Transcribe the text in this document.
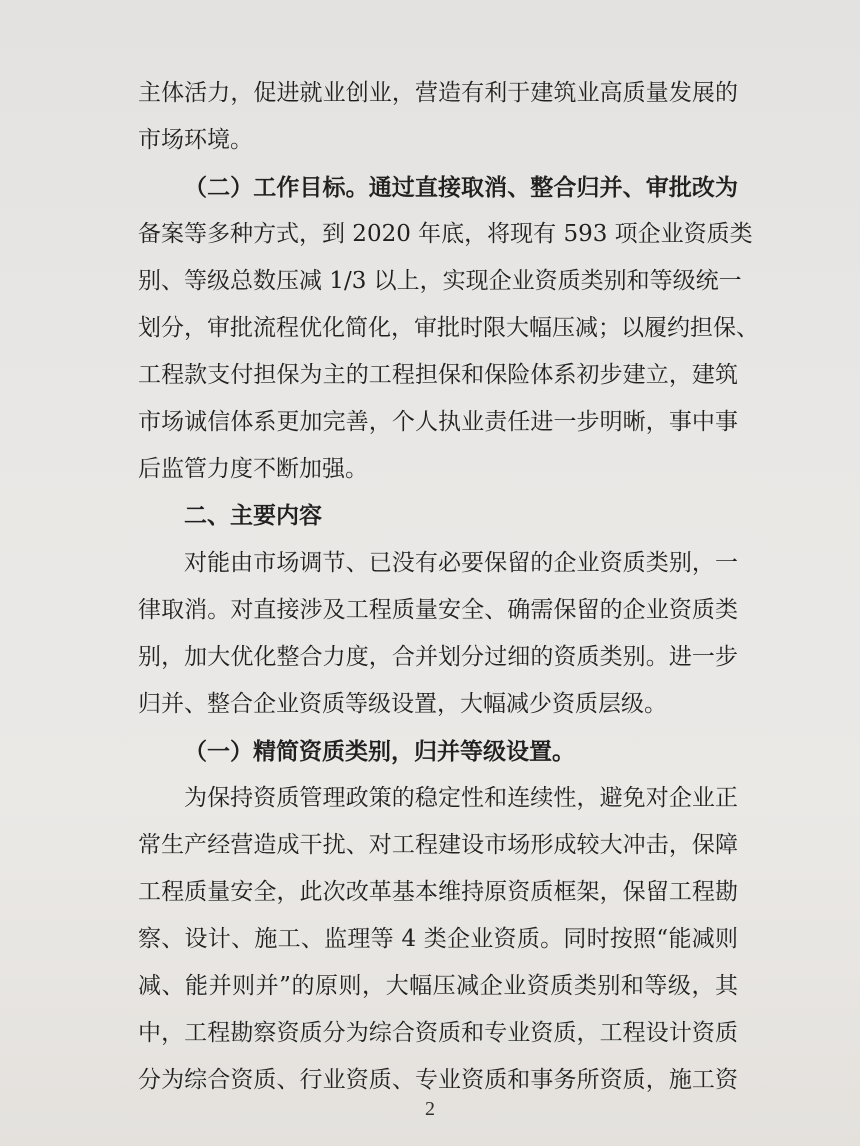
主体活力，促进就业创业，营造有利于建筑业高质量发展的
市场环境。
（二）工作目标。通过直接取消、整合归并、审批改为
备案等多种方式，到 2020 年底，将现有 593 项企业资质类
别、等级总数压减 1/3 以上，实现企业资质类别和等级统一
划分，审批流程优化简化，审批时限大幅压减；以履约担保、
工程款支付担保为主的工程担保和保险体系初步建立，建筑
市场诚信体系更加完善，个人执业责任进一步明晰，事中事
后监管力度不断加强。
二、主要内容
对能由市场调节、已没有必要保留的企业资质类别，一
律取消。对直接涉及工程质量安全、确需保留的企业资质类
别，加大优化整合力度，合并划分过细的资质类别。进一步
归并、整合企业资质等级设置，大幅减少资质层级。
（一）精简资质类别，归并等级设置。
为保持资质管理政策的稳定性和连续性，避免对企业正
常生产经营造成干扰、对工程建设市场形成较大冲击，保障
工程质量安全，此次改革基本维持原资质框架，保留工程勘
察、设计、施工、监理等 4 类企业资质。同时按照“能减则
减、能并则并”的原则，大幅压减企业资质类别和等级，其
中，工程勘察资质分为综合资质和专业资质，工程设计资质
分为综合资质、行业资质、专业资质和事务所资质，施工资
2
